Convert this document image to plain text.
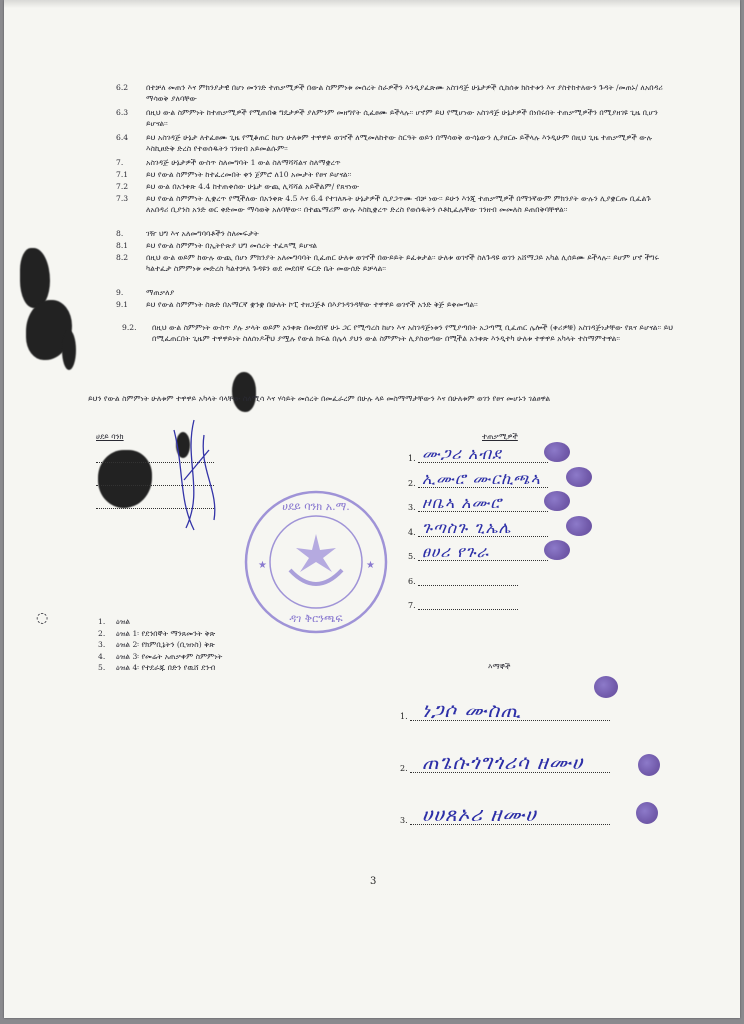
6.2	በተቻለ መጠን እና ምክንያታዊ በሆነ መንገድ ተጠቃሚዎች በውል ስምምነቱ መሰረት ስራዎችን እንዲያፈጽሙ አስገዳጅ ሁኔታዎች ሲከሰቱ ክስተቱን እና ያስተከተለውን ጉዳት /መጠኑ/ ለአበዳሪ ማሳወቅ ያለባቸው
6.3	በዚህ ውል ስምምነት ከተጠቃሚዎች የሚጠበቁ ግዴታዎች ያለምንም መዘግየት ሲፈፀሙ ይችላሉ፡፡ ሆኖም ይህ የሚሆነው አስገዳጅ ሁኔታዎች በነበሩበት ተጠቃሚዎችን በሚያዘገዩ ጊዜ ቢሆን ይሆናል፡፡
6.4	ይህ አስገዳጅ ሁኔታ ለተፈፀሙ ጊዜ የሚቆጠር ከሆነ ሁለቱም ተዋዋይ ወገኖች ለሚመለከተው ስርዓት ወይን በማሳወቅ ውሳኔውን ሊያፀርፁ ይችላሉ እንዲሁም በዚህ ጊዜ ተጠቃሚዎች ውሉ እስኪፀድቅ ድረስ የተወሰዱትን ገንዘብ አይመልሱም፡፡
7.	አስገዳጅ ሁኔታዎች ውስጥ ስለመግባት 1 ውል ስለማሻሻልና ስለማቋረጥ
7.1	ይህ የውል ስምምነት ከተፈረመበት ቀን ጀምሮ ለ10 አመታት የፀና ይሆናል፡፡
7.2	ይህ ውል በአንቀጽ 4.4 ከተጠቀሰው ሁኔታ ውጪ ሊሻሻል አይችልም/ የጸናነው
7.3	ይህ የውል ስምምነት ሊቋረጥ የሚችለው በአንቀጽ 4.5 እና 6.4 የተገለጹት ሁኔታዎች ሲያጋጥሙ ብቻ ነው፡፡ ይሁን እንጂ ተጠቃሚዎች በማንኛውም ምክንያት ውሉን ሊያቋርጡ ቢፈልጉ ለአበዳሪ ቢያንስ አንድ ወር ቀድመው ማሳወቅ አለባቸው፡፡ በተጨማሪም ውሉ እስኪቋረጥ ድረስ የወሰዱትን ሶቶኪፈሉቸው ገንዘብ መመለስ ይጠበቅባቸዋል፡፡
8.	ገዥ ህግ እና አለመግባባቶችን ስለመፍታት
8.1	ይህ የውል ስምምነት በኢትዮጵያ ህግ መሰረት ተፈጻሚ ይሆናል
8.2	በዚህ ውል ወይም ከውሉ ውጪ በሆነ ምክንያት አለመግባባት ቢፈጠር ሁለቱ ወገኖች በውይይት ይፈቱታል፡፡ ሁለቱ ወገኖች ስለጉዳዩ ወገን አሸማጋይ አካል ሊሰይሙ ይችላሉ፡፡ ይሆም ሆኖ ችግሩ ካልተፈታ ስምምነቱ መድረስ ካልተቻለ ጉዳዩን ወደ መደበኛ ፍርድ ቤት መውሰድ ይቻላል፡፡
9.	ማጠቃለያ
9.1	ይህ የውል ስምምነት ስጽድ በአማርኛ ቋንቋ በሁለት ኮፒ ተዘጋጅቶ በእያንዳንዳቸው ተዋዋይ ወገኖች አንድ ቅጅ ይቀመጣል፡፡
9.2.	በዚህ ውል ስምምነት ውስጥ ያሉ ቃላት ወይም አንቀጽ በመደበኛ ሁኑ ጋር የሚጣረስ ከሆነ እና አስገዳጅነቱን የሚያጣበት አጋጣሚ ቢፈጠር ሌሎች (ቀሪዎቹ) አስገዳጅነታቸው የጸና ይሆናል፡፡ ይህ በሚፈጠርበት ጊዜም ተዋዋይነት ስለሰነዶችህ ያሟሉ የውል ክፍል በሌላ ያህን ውል ስምምነት ሊያስወጣው በሚችል አንቀጽ እንዲተካ ሁለቱ ተዋዋይ አካላት ተስማምተዋል፡፡
ይህን የውል ስምምነት ሁለቱም ተዋዋይ አካላት ባላቸው ስለሚሳ እና ሃሳይት መሰረት በመፈራረም በሁሉ ላይ መስማማታቸውን እና በሁለቱም ወገን የፀና መሆኑን ገልፀዋል
ሀደይ ባንክ
ሀደይ ባንክ አ.ማ.
ዳገ ቅርንጫፍ
★	★
ተጠቃሚዎች
1. ሙጋሪ አብደ
2. ኢሙሮ ሙርኪጫኣ
3. ዞቤኣ አሙሮ
4. ጉጣስጉ ጊኤሌ
5. ፀሀሪ የጉራ
6.
7.
1. ዕዝል
2. ዕዝል 1፡ የደንበኞት ማንጸመንት ቅጽ
3. ዕዝል 2፡ የክምቢኔትን (ቢዝነስ) ቅጽ
4. ዕዝል 3፡ የመሬት አጠቃቀም ስምምነት
5. ዕዝል 4፡ የተደራጁ በድን የዉሸ ደንብ	እማኞች
1. ነጋሶ ሙስጢ
2. ጠጌሱጎግጎሪሳ ዘሙሀ
3. ሀሀጸኦሪ ዘሙሀ
◌
3
